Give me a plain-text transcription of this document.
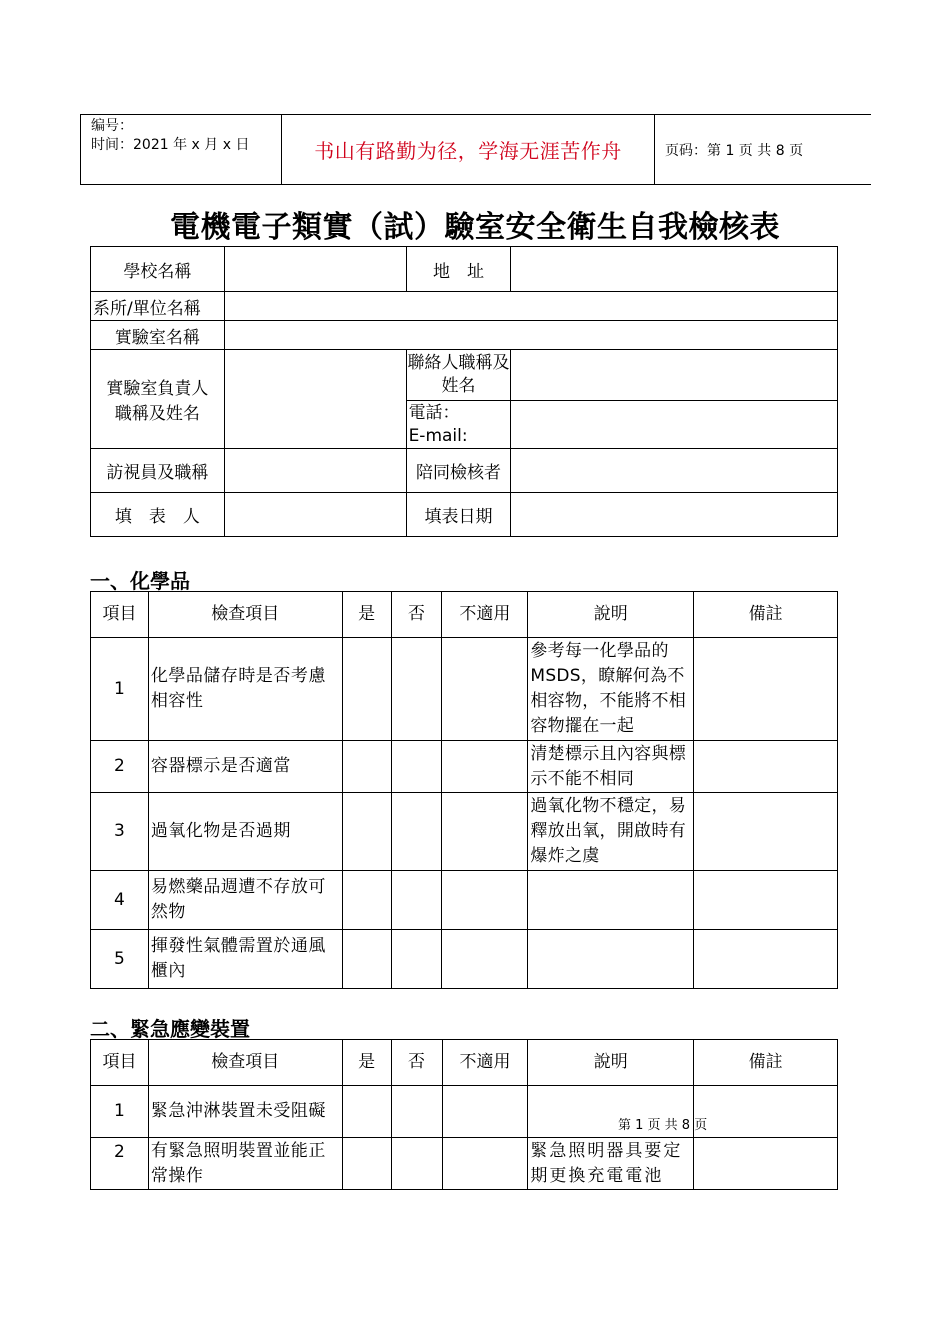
编号：
时间：2021 年 x 月 x 日	书山有路勤为径，学海无涯苦作舟	页码：第 1 页 共 8 页
電機電子類實（試）驗室安全衛生自我檢核表
學校名稱		地　址	
系所/單位名稱			
實驗室名稱			
實驗室負責人職稱及姓名		聯絡人職稱及姓名	

		電話：
E-mail:	

訪視員及職稱		陪同檢核者	
填　表　人		填表日期	
一、化學品
項目	檢查項目	是	否	不適用	說明	備註
1	化學品儲存時是否考慮相容性				參考每一化學品的MSDS，瞭解何為不相容物，不能將不相容物擺在一起	
2	容器標示是否適當				清楚標示且內容與標示不能不相同	
3	過氧化物是否過期				過氧化物不穩定，易釋放出氧，開啟時有爆炸之虞	
4	易燃藥品週遭不存放可然物					
5	揮發性氣體需置於通風櫃內					
二、緊急應變裝置
項目	檢查項目	是	否	不適用	說明	備註
1	緊急沖淋裝置未受阻礙					
2	有緊急照明裝置並能正常操作				緊急照明器具要定期更換充電電池	
第 1 页 共 8 页
